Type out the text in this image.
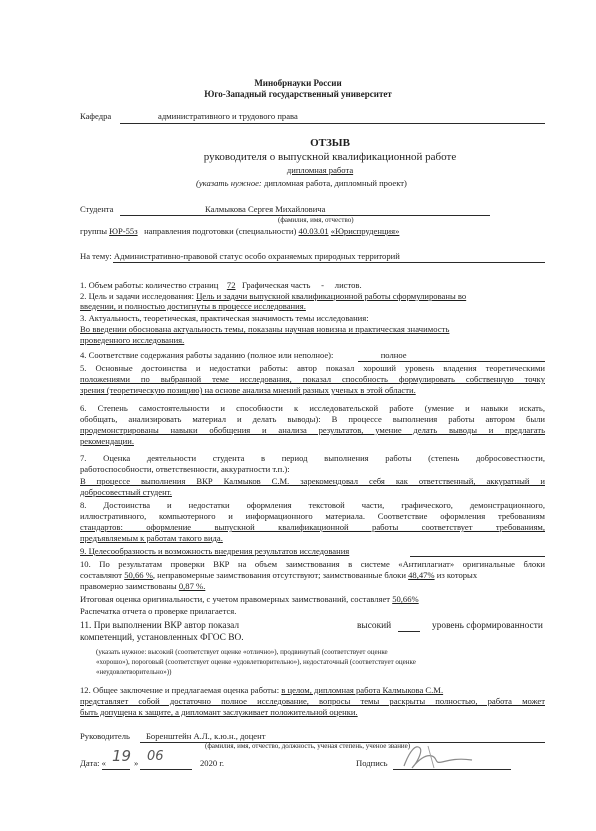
Минобрнауки России
Юго-Западный государственный университет
Кафедра	административного и трудового права
ОТЗЫВ
руководителя о выпускной квалификационной работе
дипломная работа
(указать нужное: дипломная работа, дипломный проект)
Студента	Калмыкова Сергея Михайловича
(фамилия, имя, отчество)
группы ЮР-55з направления подготовки (специальности) 40.03.01 «Юриспруденция»
На тему: Административно-правовой статус особо охраняемых природных территорий
1. Объем работы: количество страниц 72 Графическая часть - листов.
2. Цель и задачи исследования: Цель и задачи выпускной квалификационной работы сформулированы во
введении, и полностью достигнуты в процессе исследования.
3. Актуальность, теоретическая, практическая значимость темы исследования:
Во введении обоснована актуальность темы, показаны научная новизна и практическая значимость
проведенного исследования.
4. Соответствие содержания работы заданию (полное или неполное):	полное
5. Основные достоинства и недостатки работы: автор показал хороший уровень владения теоретическими
положениями по выбранной теме исследования, показал способность формулировать собственную точку
зрения (теоретическую позицию) на основе анализа мнений разных ученых в этой области.
6. Степень самостоятельности и способности к исследовательской работе (умение и навыки искать,
обобщать, анализировать материал и делать выводы): В процессе выполнения работы автором были
продемонстрированы навыки обобщения и анализа результатов, умение делать выводы и предлагать
рекомендации.
7. Оценка деятельности студента в период выполнения работы (степень добросовестности,
работоспособности, ответственности, аккуратности т.п.):
В процессе выполнения ВКР Калмыков С.М. зарекомендовал себя как ответственный, аккуратный и
добросовестный студент.
8. Достоинства и недостатки оформления текстовой части, графического, демонстрационного,
иллюстративного, компьютерного и информационного материала. Соответствие оформления требованиям
стандартов: оформление выпускной квалификационной работы соответствует требованиям,
предъявляемым к работам такого вида.
9. Целесообразность и возможность внедрения результатов исследования
10. По результатам проверки ВКР на объем заимствования в системе «Антиплагиат» оригинальные блоки
составляют 50,66 %, неправомерные заимствования отсутствуют; заимствованные блоки 48,47% из которых
правомерно заимствованы 0,87 %.
Итоговая оценка оригинальности, с учетом правомерных заимствований, составляет 50,66%
Распечатка отчета о проверке прилагается.
11. При выполнении ВКР автор показал	высокий	уровень сформированности
компетенций, установленных ФГОС ВО.
(указать нужное: высокий (соответствует оценке «отлично»), продвинутый (соответствует оценке
«хорошо»), пороговый (соответствует оценке «удовлетворительно»), недостаточный (соответствует оценке
«неудовлетворительно»))
12. Общее заключение и предлагаемая оценка работы: в целом, дипломная работа Калмыкова С.М.
представляет собой достаточно полное исследование, вопросы темы раскрыты полностью, работа может
быть допущена к защите, а дипломант заслуживает положительной оценки.
Руководитель Боренштейн А.Л., к.ю.н., доцент
(фамилия, имя, отчество, должность, ученая степень, ученое звание)
Дата: « 19 » 06	2020 г.	Подпись
